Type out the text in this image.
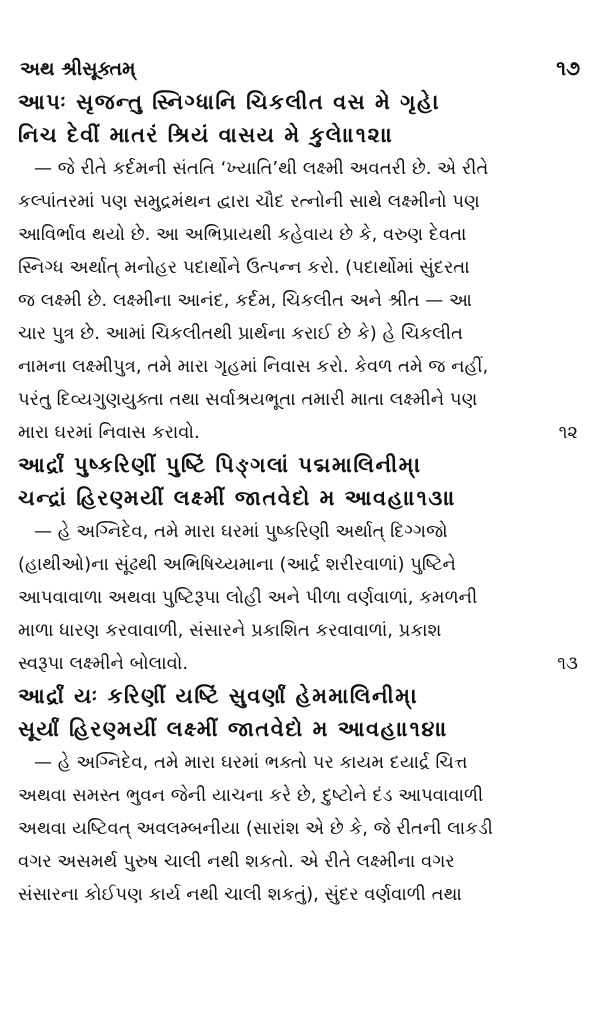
અથ શ્રીસૂક્તમ્	૧૭
આપઃ સૃજન્તુ સ્નિગ્ધાનિ ચિકલીત વસ મે ગૃહે।
નિચ દેવીં માતરં શ્રિયં વાસય મે કુલે॥૧૨॥
— જે રીતે કર્દમની સંતતિ ‘ખ્યાતિ’થી લક્ષ્મી અવતરી છે. એ રીતે
કલ્પાંતરમાં પણ સમુદ્રમંથન દ્વારા ચૌદ રત્નોની સાથે લક્ષ્મીનો પણ
આવિર્ભાવ થયો છે. આ અભિપ્રાયથી કહેવાય છે કે, વરુણ દેવતા
સ્નિગ્ધ અર્થાત્ મનોહર પદાર્થોને ઉત્પન્ન કરો. (પદાર્થોમાં સુંદરતા
જ લક્ષ્મી છે. લક્ષ્મીના આનંદ, કર્દમ, ચિકલીત અને શ્રીત — આ
ચાર પુત્ર છે. આમાં ચિકલીતથી પ્રાર્થના કરાઈ છે કે) હે ચિકલીત
નામના લક્ષ્મીપુત્ર, તમે મારા ગૃહમાં નિવાસ કરો. કેવળ તમે જ નહીં,
પરંતુ દિવ્યગુણયુક્તા તથા સર્વાશ્રયભૂતા તમારી માતા લક્ષ્મીને પણ
મારા ઘરમાં નિવાસ કરાવો.	૧૨
આર્દ્રાં પુષ્કરિણીં પુષ્ટિં પિઙ્ગલાં પદ્મમાલિનીમ્।
ચન્દ્રાં હિરણ્મયીં લક્ષ્મીં જાતવેદો મ આવહ॥૧૩॥
— હે અગ્નિદેવ, તમે મારા ઘરમાં પુષ્કરિણી અર્થાત્ દિગ્ગજો
(હાથીઓ)ના સૂંઢથી અભિષિચ્યમાના (આર્દ્ર શરીરવાળાં) પુષ્ટિને
આપવાવાળા અથવા પુષ્ટિરૂપા લોહી અને પીળા વર્ણવાળાં, કમળની
માળા ધારણ કરવાવાળી, સંસારને પ્રકાશિત કરવાવાળાં, પ્રકાશ
સ્વરૂપા લક્ષ્મીને બોલાવો.	૧૩
આર્દ્રાં યઃ કરિણીં યષ્ટિં સુવર્ણાં હેમમાલિનીમ્।
સૂર્યાં હિરણ્મયીં લક્ષ્મીં જાતવેદો મ આવહ॥૧૪॥
— હે અગ્નિદેવ, તમે મારા ઘરમાં ભક્તો પર કાયમ દયાર્દ્ર ચિત્ત
અથવા સમસ્ત ભુવન જેની યાચના કરે છે, દુષ્ટોને દંડ આપવાવાળી
અથવા યષ્ટિવત્ અવલમ્બનીયા (સારાંશ એ છે કે, જે રીતની લાકડી
વગર અસમર્થ પુરુષ ચાલી નથી શકતો. એ રીતે લક્ષ્મીના વગર
સંસારના કોઈપણ કાર્ય નથી ચાલી શકતું), સુંદર વર્ણવાળી તથા
